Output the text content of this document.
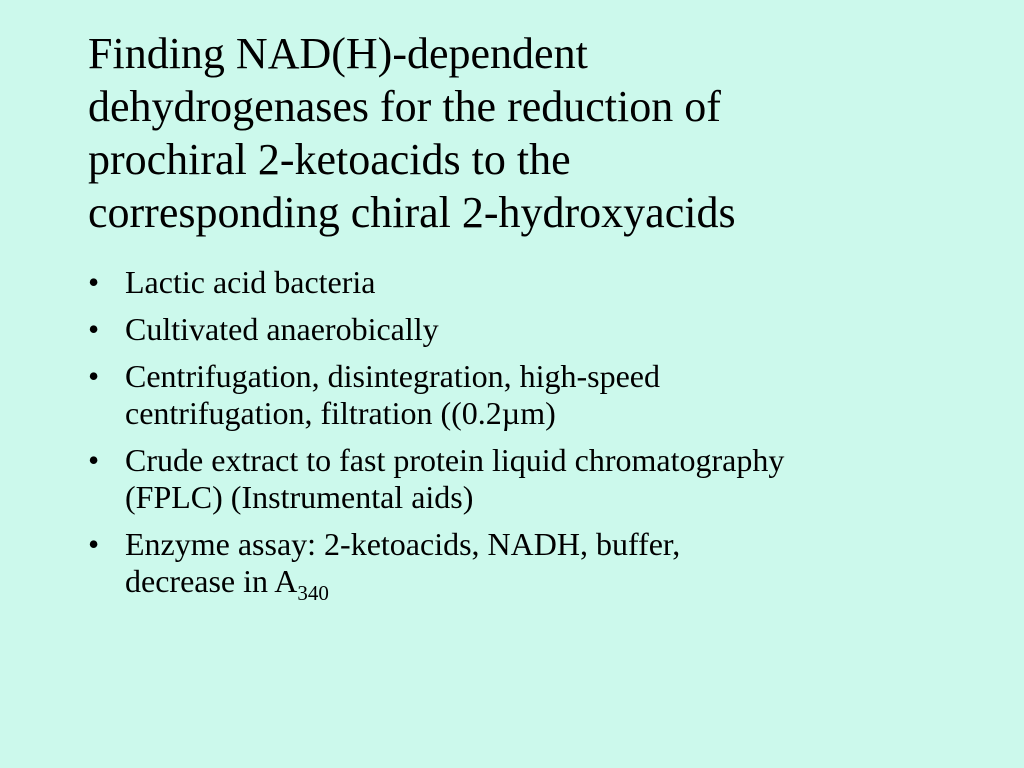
Finding NAD(H)-dependent
dehydrogenases for the reduction of
prochiral 2-ketoacids to the
corresponding chiral 2-hydroxyacids
• Lactic acid bacteria
• Cultivated anaerobically
• Centrifugation, disintegration, high-speed
centrifugation, filtration ((0.2µm)
• Crude extract to fast protein liquid chromatography
(FPLC) (Instrumental aids)
• Enzyme assay: 2-ketoacids, NADH, buffer,
decrease in $A_{340}$
